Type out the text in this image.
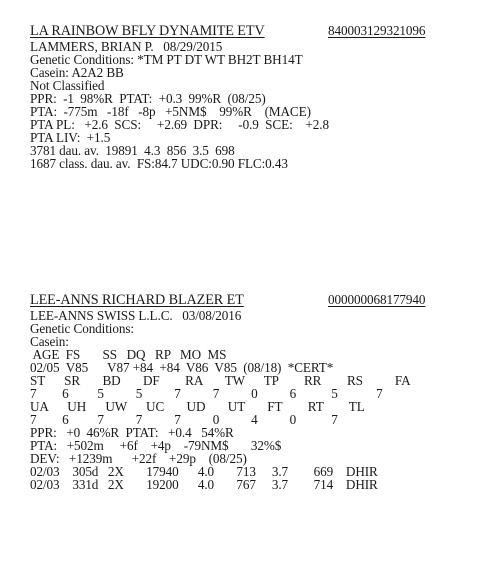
LA RAINBOW BFLY DYNAMITE ETV	840003129321096
LAMMERS, BRIAN P. 08/29/2015
Genetic Conditions: *TM PT DT WT BH2T BH14T
Casein: A2A2 BB
Not Classified
PPR:  -1  98%R  PTAT:  +0.3  99%R  (08/25)
PTA:  -775m   -18f   -8p   +5NM$    99%R    (MACE)
PTA PL:   +2.6  SCS:     +2.69  DPR:     -0.9  SCE:    +2.8
PTA LIV:  +1.5
3781 dau. av.  19891  4.3  856  3.5  698
1687 class. dau. av.  FS:84.7 UDC:0.90 FLC:0.43
LEE-ANNS RICHARD BLAZER ET	000000068177940
LEE-ANNS SWISS L.L.C. 03/08/2016
Genetic Conditions:
Casein:
AGE  FS       SS   DQ   RP   MO  MS
02/05  V85      V87 +84  +84  V86  V85  (08/18)  *CERT*
ST      SR       BD       DF        RA       TW      TP        RR        RS          FA
7        6         5          5          7          7          0          6           5            7
UA      UH      UW      UC       UD       UT       FT        RT        TL
7        6         7          7          7          0          4          0           7
PPR:   +0  46%R  PTAT:   +0.4   54%R
PTA:   +502m     +6f    +4p    -79NM$       32%$
DEV:   +1239m      +22f    +29p    (08/25)
02/03    305d   2X       17940      4.0       713     3.7        669    DHIR
02/03    331d   2X       19200      4.0       767     3.7        714    DHIR
